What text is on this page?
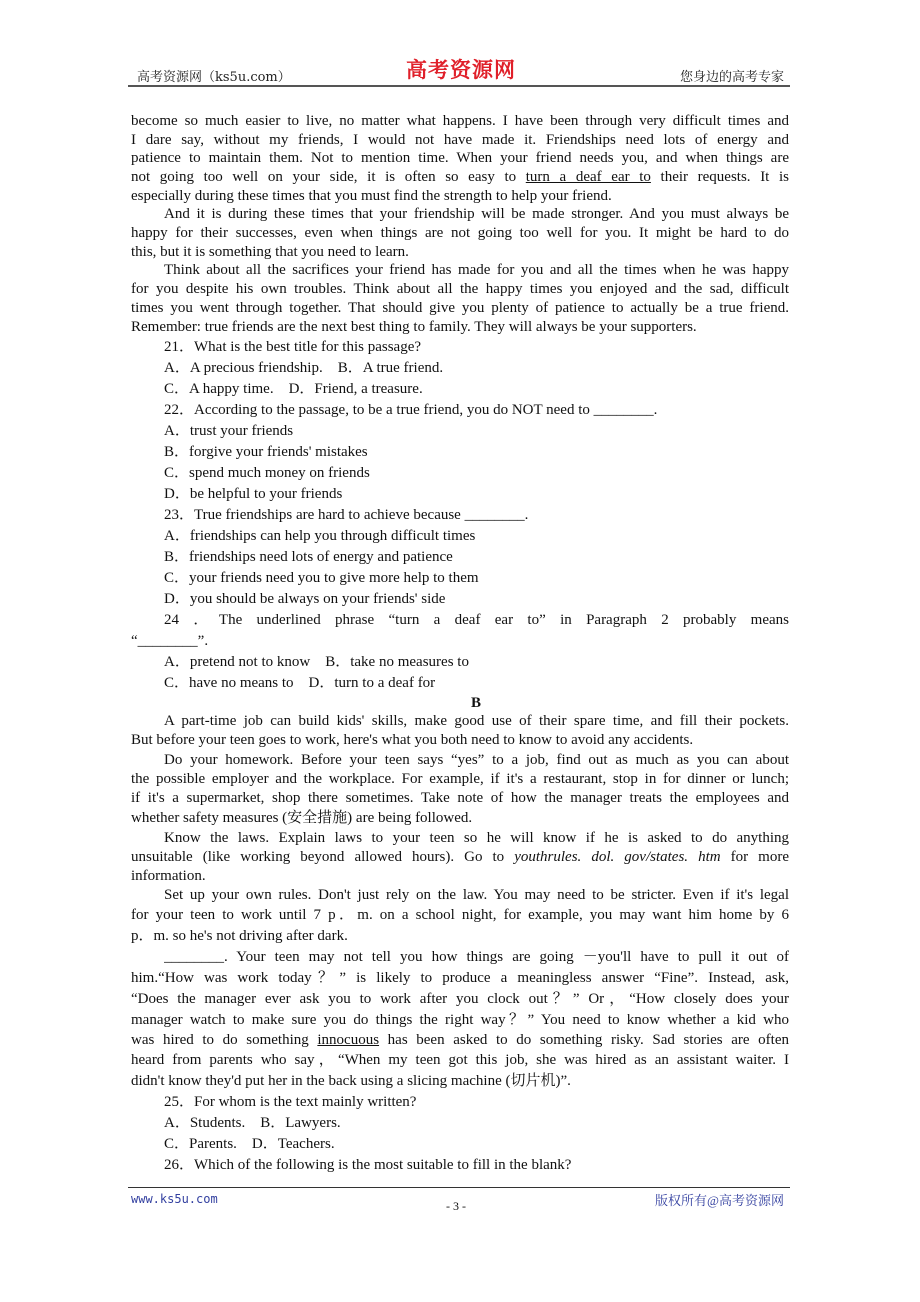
高考资源网（ks5u.com）	高考资源网	您身边的高考专家
become so much easier to live, no matter what happens. I have been through very difficult times and
I dare say, without my friends, I would not have made it. Friendships need lots of energy and
patience to maintain them. Not to mention time. When your friend needs you, and when things are
not going too well on your side, it is often so easy to turn a deaf ear to their requests. It is
especially during these times that you must find the strength to help your friend.
And it is during these times that your friendship will be made stronger. And you must always be
happy for their successes, even when things are not going too well for you. It might be hard to do
this, but it is something that you need to learn.
Think about all the sacrifices your friend has made for you and all the times when he was happy
for you despite his own troubles. Think about all the happy times you enjoyed and the sad, difficult
times you went through together. That should give you plenty of patience to actually be a true friend.
Remember: true friends are the next best thing to family. They will always be your supporters.
21．What is the best title for this passage?
A．A precious friendship.　B．A true friend.
C．A happy time.　D．Friend, a treasure.
22．According to the passage, to be a true friend, you do NOT need to ________.
A．trust your friends
B．forgive your friends' mistakes
C．spend much money on friends
D．be helpful to your friends
23．True friendships are hard to achieve because ________.
A．friendships can help you through difficult times
B．friendships need lots of energy and patience
C．your friends need you to give more help to them
D．you should be always on your friends' side
24 ．The underlined phrase “turn a deaf ear to” in Paragraph 2 probably means
“________”.
A．pretend not to know　B．take no measures to
C．have no means to　D．turn to a deaf for
B
A part-time job can build kids' skills, make good use of their spare time, and fill their pockets.
But before your teen goes to work, here's what you both need to know to avoid any accidents.
Do your homework. Before your teen says “yes” to a job, find out as much as you can about
the possible employer and the workplace. For example, if it's a restaurant, stop in for dinner or lunch;
if it's a supermarket, shop there sometimes. Take note of how the manager treats the employees and
whether safety measures (安全措施) are being followed.
Know the laws. Explain laws to your teen so he will know if he is asked to do anything
unsuitable (like working beyond allowed hours). Go to youthrules. dol. gov/states. htm for more
information.
Set up your own rules. Don't just rely on the law. You may need to be stricter. Even if it's legal
for your teen to work until 7 p．m. on a school night, for example, you may want him home by 6
p．m. so he's not driving after dark.
________. Your teen may not tell you how things are going －you'll have to pull it out of
him.“How was work today？” is likely to produce a meaningless answer “Fine”. Instead, ask,
“Does the manager ever ask you to work after you clock out？” Or，“How closely does your
manager watch to make sure you do things the right way？” You need to know whether a kid who
was hired to do something innocuous has been asked to do something risky. Sad stories are often
heard from parents who say，“When my teen got this job, she was hired as an assistant waiter. I
didn't know they'd put her in the back using a slicing machine (切片机)”.
25．For whom is the text mainly written?
A．Students.　B．Lawyers.
C．Parents.　D．Teachers.
26．Which of the following is the most suitable to fill in the blank?
www.ks5u.com	- 3 -	版权所有@高考资源网
